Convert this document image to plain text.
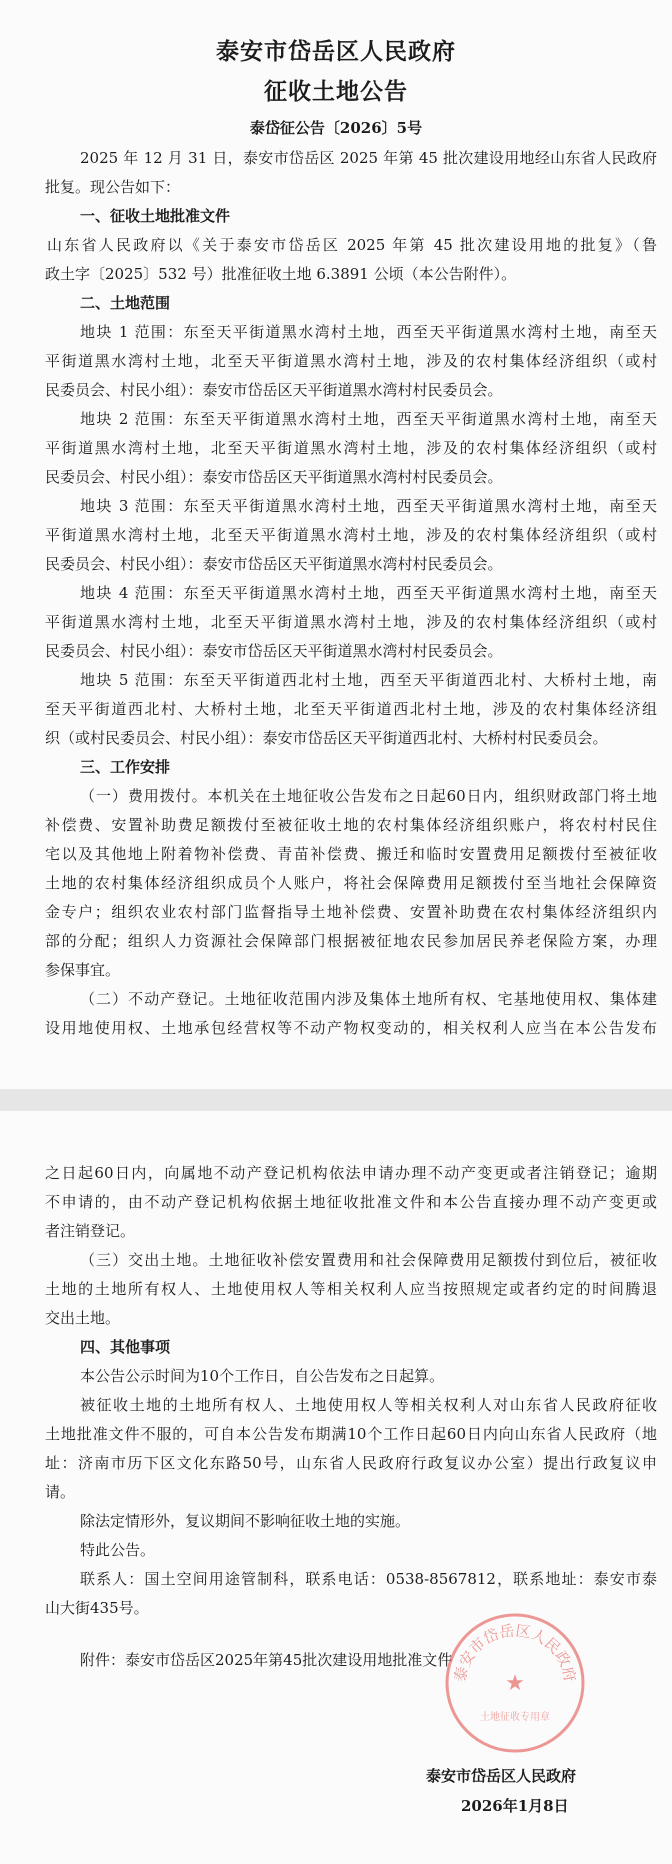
泰安市岱岳区人民政府
征收土地公告
泰岱征公告〔2026〕5号
2025 年 12 月 31 日，泰安市岱岳区 2025 年第 45 批次建设用地经山东省人民政府
批复。现公告如下：
一、征收土地批准文件
山东省人民政府以《关于泰安市岱岳区 2025 年第 45 批次建设用地的批复》（鲁
政土字〔2025〕532 号）批准征收土地 6.3891 公顷（本公告附件）。
二、土地范围
地块 1 范围：东至天平街道黑水湾村土地，西至天平街道黑水湾村土地，南至天
平街道黑水湾村土地，北至天平街道黑水湾村土地，涉及的农村集体经济组织（或村
民委员会、村民小组）：泰安市岱岳区天平街道黑水湾村村民委员会。
地块 2 范围：东至天平街道黑水湾村土地，西至天平街道黑水湾村土地，南至天
平街道黑水湾村土地，北至天平街道黑水湾村土地，涉及的农村集体经济组织（或村
民委员会、村民小组）：泰安市岱岳区天平街道黑水湾村村民委员会。
地块 3 范围：东至天平街道黑水湾村土地，西至天平街道黑水湾村土地，南至天
平街道黑水湾村土地，北至天平街道黑水湾村土地，涉及的农村集体经济组织（或村
民委员会、村民小组）：泰安市岱岳区天平街道黑水湾村村民委员会。
地块 4 范围：东至天平街道黑水湾村土地，西至天平街道黑水湾村土地，南至天
平街道黑水湾村土地，北至天平街道黑水湾村土地，涉及的农村集体经济组织（或村
民委员会、村民小组）：泰安市岱岳区天平街道黑水湾村村民委员会。
地块 5 范围：东至天平街道西北村土地，西至天平街道西北村、大桥村土地，南
至天平街道西北村、大桥村土地，北至天平街道西北村土地，涉及的农村集体经济组
织（或村民委员会、村民小组）：泰安市岱岳区天平街道西北村、大桥村村民委员会。
三、工作安排
（一）费用拨付。本机关在土地征收公告发布之日起60日内，组织财政部门将土地
补偿费、安置补助费足额拨付至被征收土地的农村集体经济组织账户，将农村村民住
宅以及其他地上附着物补偿费、青苗补偿费、搬迁和临时安置费用足额拨付至被征收
土地的农村集体经济组织成员个人账户，将社会保障费用足额拨付至当地社会保障资
金专户；组织农业农村部门监督指导土地补偿费、安置补助费在农村集体经济组织内
部的分配；组织人力资源社会保障部门根据被征地农民参加居民养老保险方案，办理
参保事宜。
（二）不动产登记。土地征收范围内涉及集体土地所有权、宅基地使用权、集体建
设用地使用权、土地承包经营权等不动产物权变动的，相关权利人应当在本公告发布
之日起60日内，向属地不动产登记机构依法申请办理不动产变更或者注销登记；逾期
不申请的，由不动产登记机构依据土地征收批准文件和本公告直接办理不动产变更或
者注销登记。
（三）交出土地。土地征收补偿安置费用和社会保障费用足额拨付到位后，被征收
土地的土地所有权人、土地使用权人等相关权利人应当按照规定或者约定的时间腾退
交出土地。
四、其他事项
本公告公示时间为10个工作日，自公告发布之日起算。
被征收土地的土地所有权人、土地使用权人等相关权利人对山东省人民政府征收
土地批准文件不服的，可自本公告发布期满10个工作日起60日内向山东省人民政府（地
址：济南市历下区文化东路50号，山东省人民政府行政复议办公室）提出行政复议申
请。
除法定情形外，复议期间不影响征收土地的实施。
特此公告。
联系人：国土空间用途管制科，联系电话：0538-8567812，联系地址：泰安市泰
山大街435号。
附件：泰安市岱岳区2025年第45批次建设用地批准文件
泰安市岱岳区人民政府
★
土地征收专用章
泰安市岱岳区人民政府
2026年1月8日
